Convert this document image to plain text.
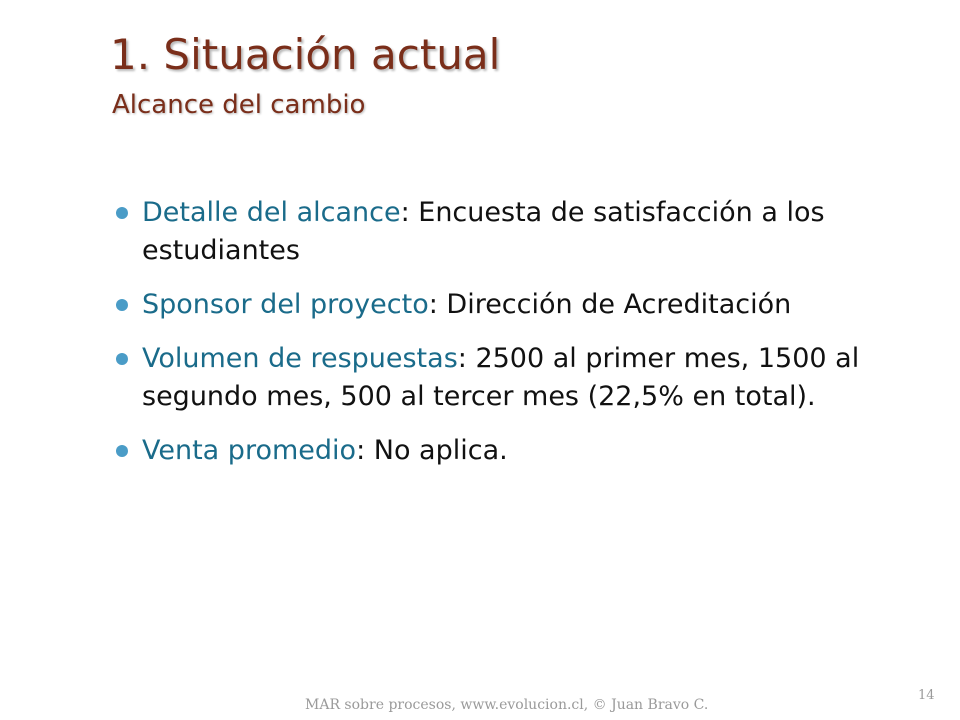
1. Situación actual
Alcance del cambio
Detalle del alcance: Encuesta de satisfacción a los estudiantes
Sponsor del proyecto: Dirección de Acreditación
Volumen de respuestas: 2500 al primer mes, 1500 al segundo mes, 500 al tercer mes (22,5% en total).
Venta promedio: No aplica.
MAR sobre procesos, www.evolucion.cl, © Juan Bravo C.
14
